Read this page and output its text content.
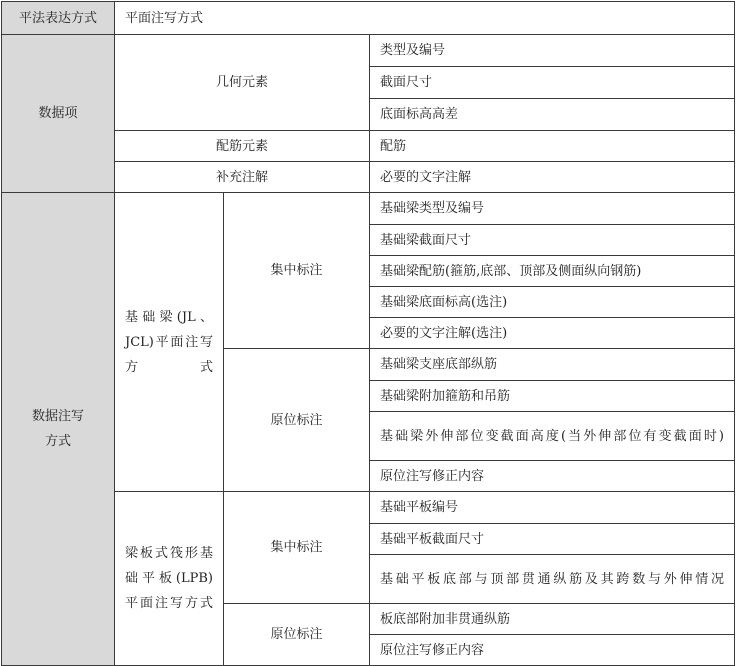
平法表达方式	平面注写方式		
数据项	几何元素		类型及编号
			截面尺寸
			底面标高高差
	配筋元素		配筋
	补充注解		必要的文字注解

数据注写
方式	基础梁(JL、JCL)平面注写方式	集中标注	基础梁类型及编号
			基础梁截面尺寸
			基础梁配筋(箍筋,底部、顶部及侧面纵向钢筋)
			基础梁底面标高(选注)
			必要的文字注解(选注)
		原位标注	基础梁支座底部纵筋
			基础梁附加箍筋和吊筋
			基础梁外伸部位变截面高度(当外伸部位有变截面时)
			原位注写修正内容
	梁板式筏形基础平板(LPB)平面注写方式	集中标注	基础平板编号
			基础平板截面尺寸
			基础平板底部与顶部贯通纵筋及其跨数与外伸情况
		原位标注	板底部附加非贯通纵筋
			原位注写修正内容
